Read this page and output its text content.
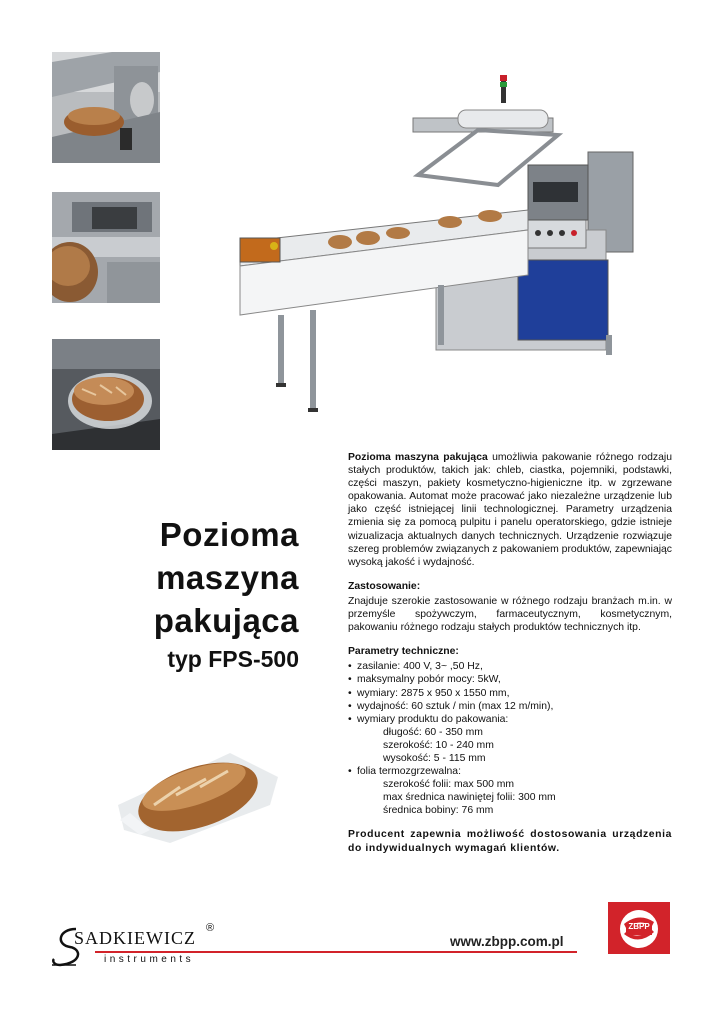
Pozioma
maszyna
pakująca
typ FPS-500

Pozioma maszyna pakująca umożliwia pakowanie różnego rodzaju stałych produktów, takich jak: chleb, ciastka, pojemniki, podstawki, części maszyn, pakiety kosmetyczno-higieniczne itp. w zgrzewane opakowania. Automat może pracować jako niezależne urządzenie lub jako część istniejącej linii technologicznej. Parametry urządzenia zmienia się za pomocą pulpitu i panelu operatorskiego, gdzie istnieje wizualizacja aktualnych danych technicznych. Urządzenie rozwiązuje szereg problemów związanych z pakowaniem produktów, zapewniając wysoką jakość i wydajność.

Zastosowanie:

Znajduje szerokie zastosowanie w różnego rodzaju branżach m.in. w przemyśle spożywczym, farmaceutycznym, kosmetycznym, pakowaniu różnego rodzaju stałych produktów technicznych itp.

Parametry techniczne:
• zasilanie: 400 V, 3~ ,50 Hz,
• maksymalny pobór mocy: 5kW,
• wymiary: 2875 x 950 x 1550 mm,
• wydajność: 60 sztuk / min (max 12 m/min),
• wymiary produktu do pakowania:
długość: 60 - 350 mm
szerokość: 10 - 240 mm
wysokość: 5 - 115 mm
• folia termozgrzewalna:
szerokość folii: max 500 mm
max średnica nawiniętej folii: 300 mm
średnica bobiny: 76 mm

Producent zapewnia możliwość dostosowania urządzenia do indywidualnych wymagań klientów.

SADKIEWICZ ®
instruments
www.zbpp.com.pl
ZBPP
